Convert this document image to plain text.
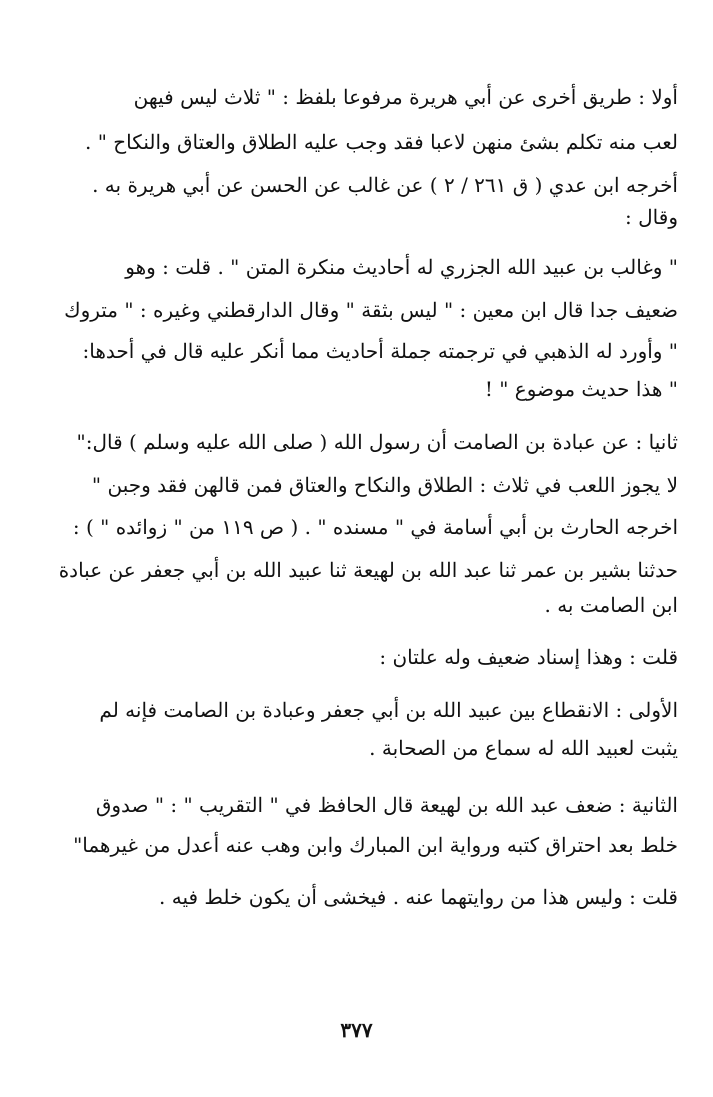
أولا : طريق أخرى عن أبي هريرة مرفوعا بلفظ : " ثلاث ليس فيهن
لعب منه تكلم بشئ منهن لاعبا فقد وجب عليه الطلاق والعتاق والنكاح " .
أخرجه ابن عدي ( ق ٢٦١ / ٢ ) عن غالب عن الحسن عن أبي هريرة به .
وقال :
" وغالب بن عبيد الله الجزري له أحاديث منكرة المتن " . قلت : وهو
ضعيف جدا قال ابن معين : " ليس بثقة " وقال الدارقطني وغيره : " متروك
" وأورد له الذهبي في ترجمته جملة أحاديث مما أنكر عليه قال في أحدها:
" هذا حديث موضوع " !
ثانيا : عن عبادة بن الصامت أن رسول الله ( صلى الله عليه وسلم ) قال:"
لا يجوز اللعب في ثلاث : الطلاق والنكاح والعتاق فمن قالهن فقد وجبن "
اخرجه الحارث بن أبي أسامة في " مسنده " . ( ص ١١٩ من " زوائده " ) :
حدثنا بشير بن عمر ثنا عبد الله بن لهيعة ثنا عبيد الله بن أبي جعفر عن عبادة
ابن الصامت به .
قلت : وهذا إسناد ضعيف وله علتان :
الأولى : الانقطاع بين عبيد الله بن أبي جعفر وعبادة بن الصامت فإنه لم
يثبت لعبيد الله له سماع من الصحابة .
الثانية : ضعف عبد الله بن لهيعة قال الحافظ في " التقريب " : " صدوق
خلط بعد احتراق كتبه ورواية ابن المبارك وابن وهب عنه أعدل من غيرهما"
قلت : وليس هذا من روايتهما عنه . فيخشى أن يكون خلط فيه .
٣٧٧
